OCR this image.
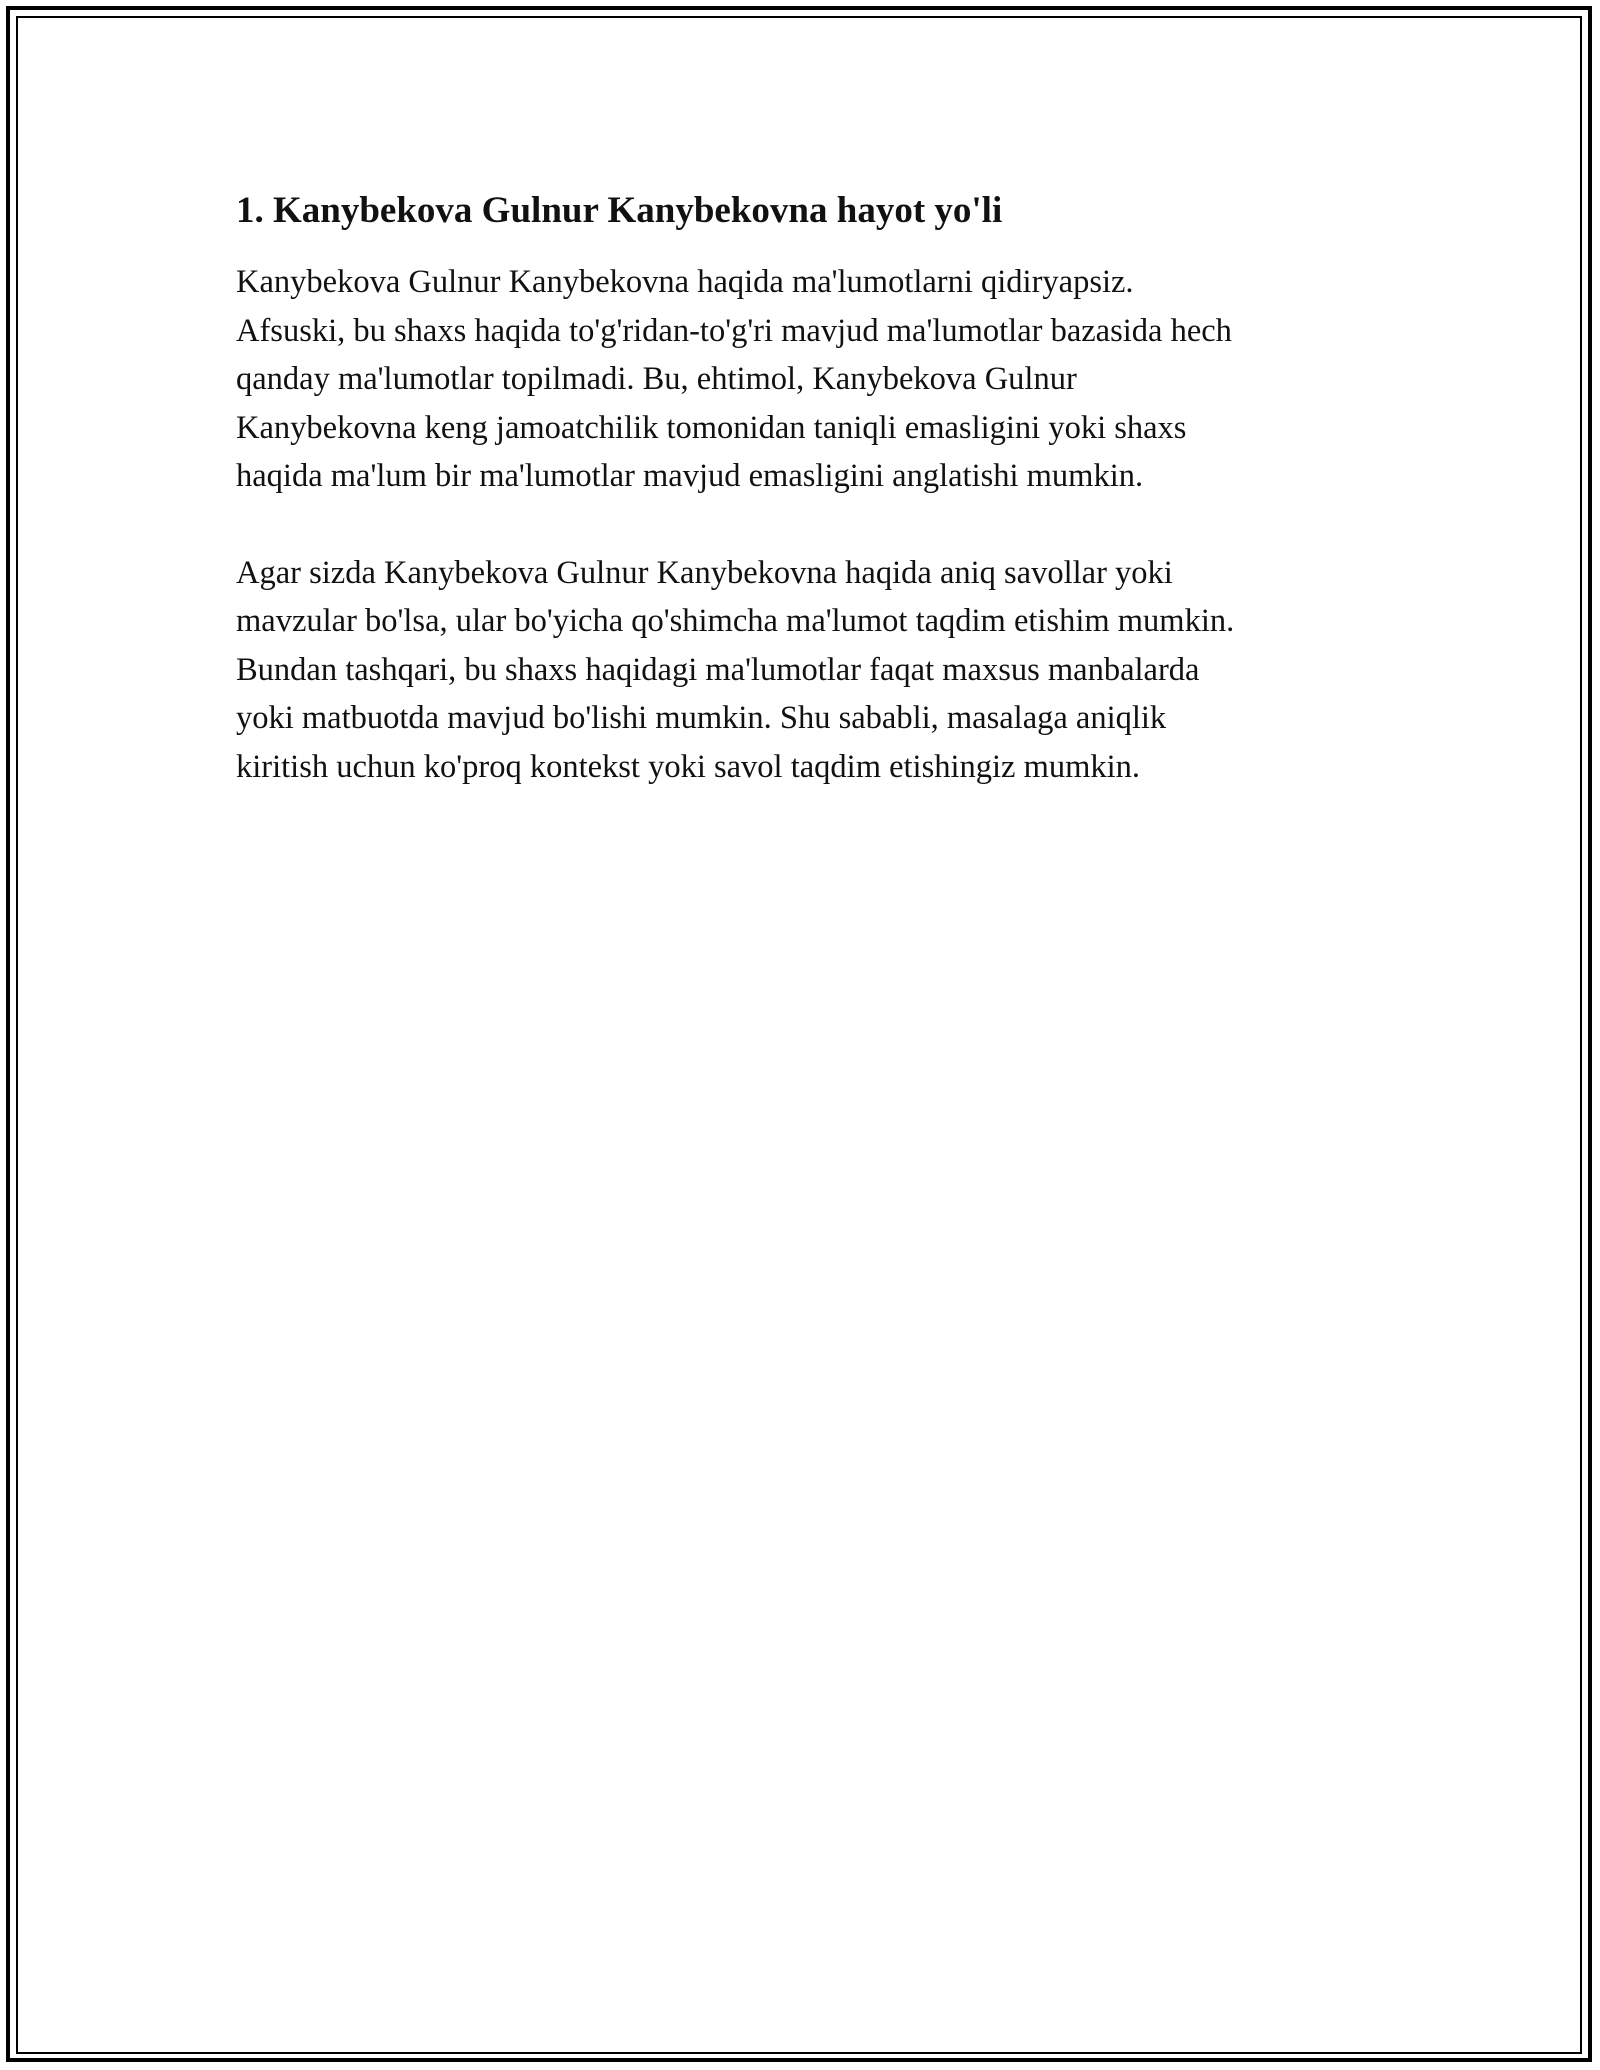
1. Kanybekova Gulnur Kanybekovna hayot yo'li

Kanybekova Gulnur Kanybekovna haqida ma'lumotlarni qidiryapsiz.
Afsuski, bu shaxs haqida to'g'ridan-to'g'ri mavjud ma'lumotlar bazasida hech
qanday ma'lumotlar topilmadi. Bu, ehtimol, Kanybekova Gulnur
Kanybekovna keng jamoatchilik tomonidan taniqli emasligini yoki shaxs
haqida ma'lum bir ma'lumotlar mavjud emasligini anglatishi mumkin.

Agar sizda Kanybekova Gulnur Kanybekovna haqida aniq savollar yoki
mavzular bo'lsa, ular bo'yicha qo'shimcha ma'lumot taqdim etishim mumkin.
Bundan tashqari, bu shaxs haqidagi ma'lumotlar faqat maxsus manbalarda
yoki matbuotda mavjud bo'lishi mumkin. Shu sababli, masalaga aniqlik
kiritish uchun ko'proq kontekst yoki savol taqdim etishingiz mumkin.
